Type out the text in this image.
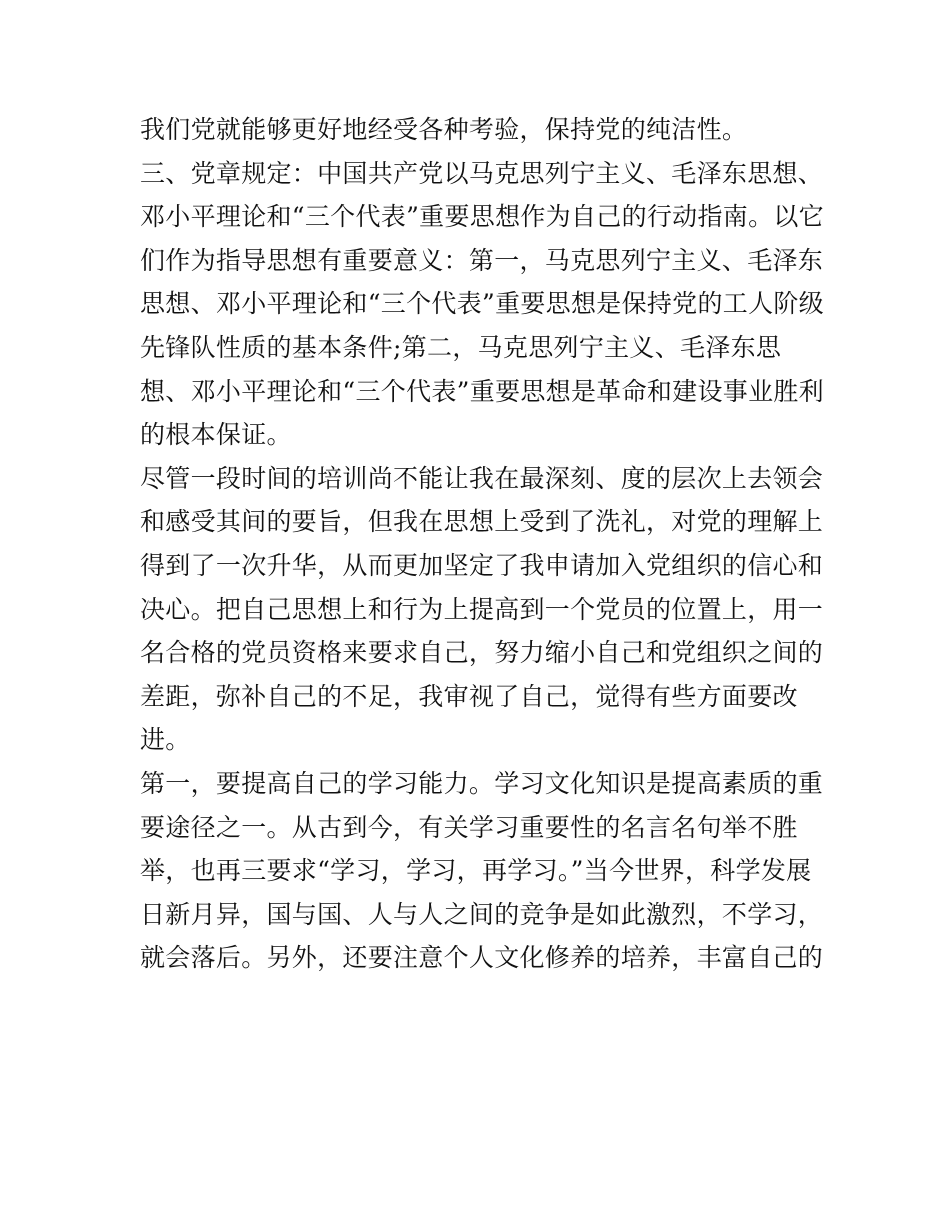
我们党就能够更好地经受各种考验，保持党的纯洁性。
三、党章规定：中国共产党以马克思列宁主义、毛泽东思想、
邓小平理论和“三个代表”重要思想作为自己的行动指南。以它
们作为指导思想有重要意义：第一，马克思列宁主义、毛泽东
思想、邓小平理论和“三个代表”重要思想是保持党的工人阶级
先锋队性质的基本条件;第二，马克思列宁主义、毛泽东思
想、邓小平理论和“三个代表”重要思想是革命和建设事业胜利
的根本保证。
尽管一段时间的培训尚不能让我在最深刻、度的层次上去领会
和感受其间的要旨，但我在思想上受到了洗礼，对党的理解上
得到了一次升华，从而更加坚定了我申请加入党组织的信心和
决心。把自己思想上和行为上提高到一个党员的位置上，用一
名合格的党员资格来要求自己，努力缩小自己和党组织之间的
差距，弥补自己的不足，我审视了自己，觉得有些方面要改
进。
第一，要提高自己的学习能力。学习文化知识是提高素质的重
要途径之一。从古到今，有关学习重要性的名言名句举不胜
举，也再三要求“学习，学习，再学习。”当今世界，科学发展
日新月异，国与国、人与人之间的竞争是如此激烈，不学习，
就会落后。另外，还要注意个人文化修养的培养，丰富自己的
